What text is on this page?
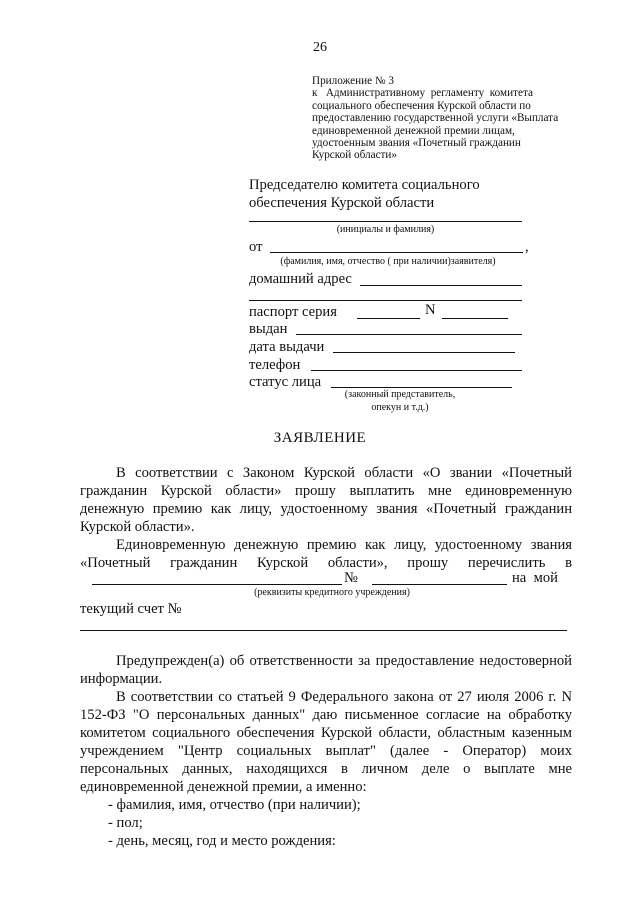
26
Приложение № 3
к   Административному  регламенту  комитета
социального обеспечения Курской области по
предоставлению государственной услуги «Выплата
единовременной денежной премии лицам,
удостоенным звания «Почетный гражданин
Курской области»
Председателю комитета социального
обеспечения Курской области
(инициалы и фамилия)
от	,
(фамилия, имя, отчество ( при наличии)заявителя)
домашний адрес
паспорт серия	N
выдан
дата выдачи
телефон
статус лица
(законный представитель,
опекун и т.д.)
ЗАЯВЛЕНИЕ
В соответствии с Законом Курской области «О звании «Почетный гражданин Курской области» прошу выплатить мне единовременную денежную премию как лицу, удостоенному звания «Почетный гражданин Курской области».
Единовременную денежную премию как лицу, удостоенному звания «Почетный гражданин Курской области», прошу перечислить в
№	на  мой
(реквизиты кредитного учреждения)
текущий счет №
Предупрежден(а) об ответственности за предоставление недостоверной информации.
В соответствии со статьей 9 Федерального закона от 27 июля 2006 г. N 152-ФЗ "О персональных данных" даю письменное согласие на обработку комитетом социального обеспечения Курской области, областным казенным учреждением "Центр социальных выплат" (далее - Оператор) моих персональных данных, находящихся в личном деле о выплате мне единовременной денежной премии, а именно:
- фамилия, имя, отчество (при наличии);
- пол;
- день, месяц, год и место рождения:
